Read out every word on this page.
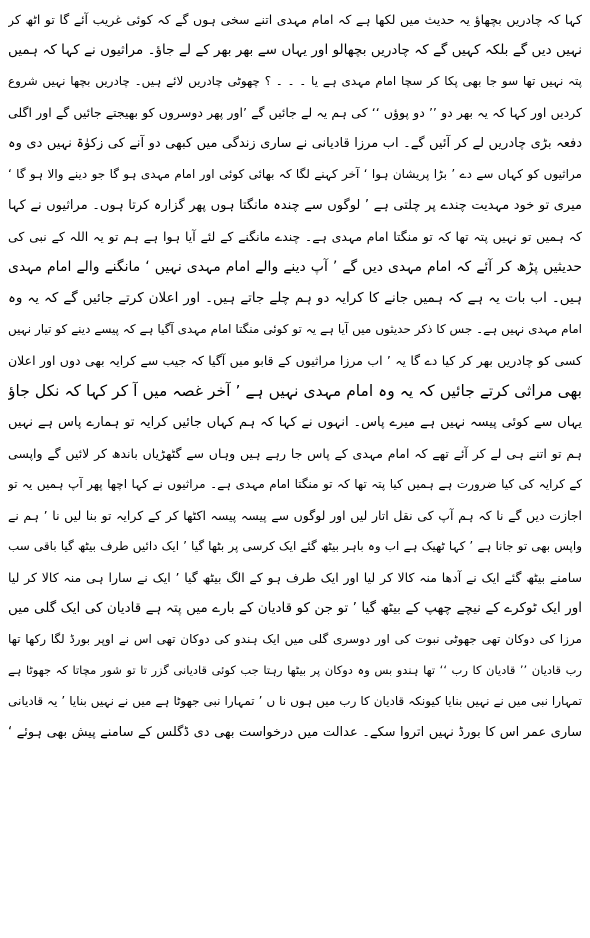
کہا کہ چادریں بچھاؤ یہ حدیث میں لکھا ہے کہ امام مہدی اتنے سخی ہوں گے کہ کوئی غریب آئے گا تو اٹھ کر
نہیں دیں گے بلکہ کہیں گے کہ چادریں بچھالو اور یہاں سے بھر بھر کے لے جاؤ۔ مراثیوں نے کہا کہ ہمیں
پتہ نہیں تھا سو جا بھی پکا کر سچا امام مہدی ہے یا ۔ ۔ ۔ ؟ چھوٹی چادریں لائے ہیں۔ چادریں بچھا نہیں شروع
کردیں اور کہا کہ یہ بھر دو ’’ دو پوؤں ‘‘ کی ہم یہ لے جائیں گے ’اور پھر دوسروں کو بھیجتے جائیں گے اور اگلی
دفعہ بڑی چادریں لے کر آئیں گے۔ اب مرزا قادیانی نے ساری زندگی میں کبھی دو آنے کی زکوٰۃ نہیں دی وہ
مراثیوں کو کہاں سے دے ’ بڑا پریشان ہوا ‘ آخر کہنے لگا کہ بھائی کوئی اور امام مہدی ہو گا جو دینے والا ہو گا ‘
میری تو خود مہدیت چندے پر چلتی ہے ’ لوگوں سے چندہ مانگتا ہوں پھر گزارہ کرتا ہوں۔ مراثیوں نے کہا
کہ ہمیں تو نہیں پتہ تھا کہ تو منگتا امام مہدی ہے۔ چندے مانگنے کے لئے آیا ہوا ہے ہم تو یہ اللہ کے نبی کی
حدیثیں پڑھ کر آئے کہ امام مہدی دیں گے ’ آپ دینے والے امام مہدی نہیں ‘ مانگنے والے امام مہدی
ہیں۔ اب بات یہ ہے کہ ہمیں جانے کا کرایہ دو ہم چلے جاتے ہیں۔ اور اعلان کرتے جائیں گے کہ یہ وہ
امام مہدی نہیں ہے۔ جس کا ذکر حدیثوں میں آیا ہے یہ تو کوئی منگتا امام مہدی آگیا ہے کہ پیسے دینے کو تیار نہیں
کسی کو چادریں بھر کر کیا دے گا یہ ’ اب مرزا مراثیوں کے قابو میں آگیا کہ جیب سے کرایہ بھی دوں اور اعلان
بھی مراثی کرتے جائیں کہ یہ وہ امام مہدی نہیں ہے ’ آخر غصہ میں آ کر کہا کہ نکل جاؤ
یہاں سے کوئی پیسہ نہیں ہے میرے پاس۔ انہوں نے کہا کہ ہم کہاں جائیں کرایہ تو ہمارے پاس ہے نہیں
ہم تو اتنے ہی لے کر آئے تھے کہ امام مہدی کے پاس جا رہے ہیں وہاں سے گٹھڑیاں باندھ کر لائیں گے واپسی
کے کرایہ کی کیا ضرورت ہے ہمیں کیا پتہ تھا کہ تو منگتا امام مہدی ہے۔ مراثیوں نے کہا اچھا پھر آپ ہمیں یہ تو
اجازت دیں گے نا کہ ہم آپ کی نقل اتار لیں اور لوگوں سے پیسہ پیسہ اکٹھا کر کے کرایہ تو بنا لیں نا ’ ہم نے
واپس بھی تو جانا ہے ’ کہا ٹھیک ہے اب وہ باہر بیٹھ گئے ایک کرسی پر بٹھا گیا ’ ایک دائیں طرف بیٹھ گیا باقی سب
سامنے بیٹھ گئے ایک نے آدھا منہ کالا کر لیا اور ایک طرف ہو کے الگ بیٹھ گیا ’ ایک نے سارا ہی منہ کالا کر لیا
اور ایک ٹوکرے کے نیچے چھپ کے بیٹھ گیا ’ تو جن کو قادیان کے بارے میں پتہ ہے قادیان کی ایک گلی میں
مرزا کی دوکان تھی جھوٹی نبوت کی اور دوسری گلی میں ایک ہندو کی دوکان تھی اس نے اوپر بورڈ لگا رکھا تھا
رب قادیان ’’ قادیان کا رب ‘‘ تھا ہندو بس وہ دوکان پر بیٹھا رہتا جب کوئی قادیانی گزر تا تو شور مچاتا کہ جھوٹا ہے
تمہارا نبی میں نے نہیں بنایا کیونکہ قادیان کا رب میں ہوں نا ں ’ تمہارا نبی جھوٹا ہے میں نے نہیں بنایا ’ یہ قادیانی
ساری عمر اس کا بورڈ نہیں اتروا سکے۔ عدالت میں درخواست بھی دی ڈگلس کے سامنے پیش بھی ہوئے ‘
